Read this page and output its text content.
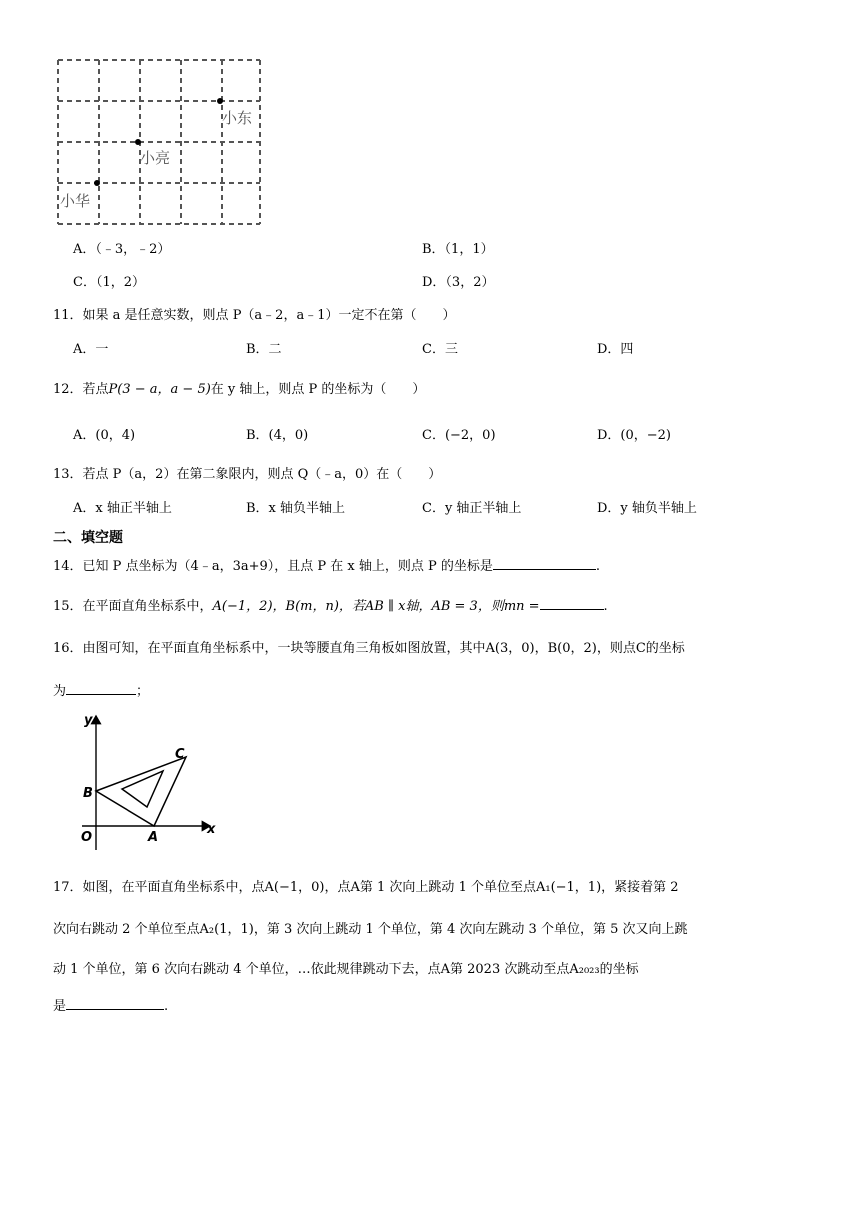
小东
小亮
小华
A．（﹣3，﹣2）	B．（1，1）
C．（1，2）	D．（3，2）
11．如果 a 是任意实数，则点 P（a﹣2，a﹣1）一定不在第（　　）
A．一	B．二	C．三	D．四
12．若点P(3 − a，a − 5)在 y 轴上，则点 P 的坐标为（　　）
A．(0，4)	B．(4，0)	C．(−2，0)	D．(0，−2)
13．若点 P（a，2）在第二象限内，则点 Q（﹣a，0）在（　　）
A．x 轴正半轴上	B．x 轴负半轴上	C．y 轴正半轴上	D．y 轴负半轴上
二、填空题
14．已知 P 点坐标为（4﹣a，3a+9），且点 P 在 x 轴上，则点 P 的坐标是	.
15．在平面直角坐标系中，A(−1，2)，B(m，n)，若AB ∥ x轴，AB = 3，则mn =	.
16．由图可知，在平面直角坐标系中，一块等腰直角三角板如图放置，其中A(3，0)，B(0，2)，则点C的坐标
为	；
y
x
O	A
B
C
17．如图，在平面直角坐标系中，点A(−1，0)，点A第 1 次向上跳动 1 个单位至点A₁(−1，1)，紧接着第 2
次向右跳动 2 个单位至点A₂(1，1)，第 3 次向上跳动 1 个单位，第 4 次向左跳动 3 个单位，第 5 次又向上跳
动 1 个单位，第 6 次向右跳动 4 个单位，…依此规律跳动下去，点A第 2023 次跳动至点A₂₀₂₃的坐标
是	.
